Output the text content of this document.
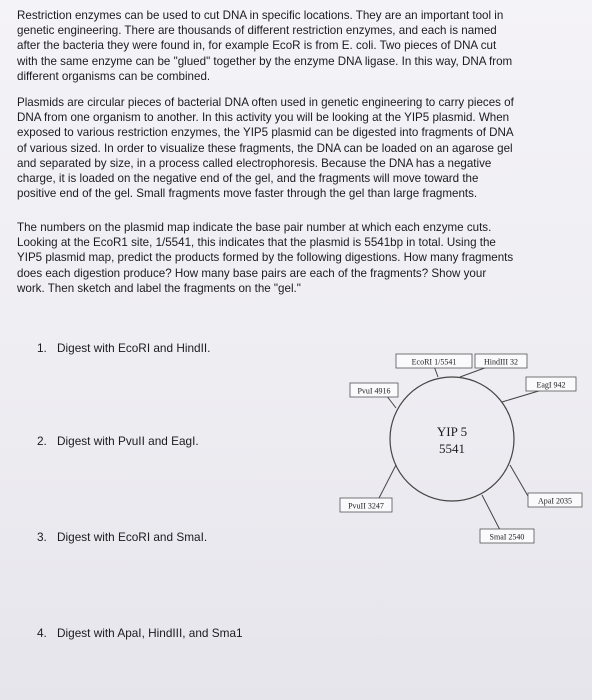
Restriction enzymes can be used to cut DNA in specific locations. They are an important tool in genetic engineering. There are thousands of different restriction enzymes, and each is named after the bacteria they were found in, for example EcoR is from E. coli. Two pieces of DNA cut with the same enzyme can be "glued" together by the enzyme DNA ligase. In this way, DNA from different organisms can be combined.

Plasmids are circular pieces of bacterial DNA often used in genetic engineering to carry pieces of DNA from one organism to another. In this activity you will be looking at the YIP5 plasmid. When exposed to various restriction enzymes, the YIP5 plasmid can be digested into fragments of DNA of various sized. In order to visualize these fragments, the DNA can be loaded on an agarose gel and separated by size, in a process called electrophoresis. Because the DNA has a negative charge, it is loaded on the negative end of the gel, and the fragments will move toward the positive end of the gel. Small fragments move faster through the gel than large fragments.

The numbers on the plasmid map indicate the base pair number at which each enzyme cuts. Looking at the EcoR1 site, 1/5541, this indicates that the plasmid is 5541bp in total. Using the YIP5 plasmid map, predict the products formed by the following digestions. How many fragments does each digestion produce? How many base pairs are each of the fragments? Show your work. Then sketch and label the fragments on the "gel."

1. Digest with EcoRI and HindII.
2. Digest with PvuII and EagI.
3. Digest with EcoRI and SmaI.
4. Digest with ApaI, HindIII, and Sma1
EcoRI 1/5541	HindIII 32
EagI 942
ApaI 2035
SmaI 2540
PvuII 3247
PvuI 4916
YIP 5
5541
